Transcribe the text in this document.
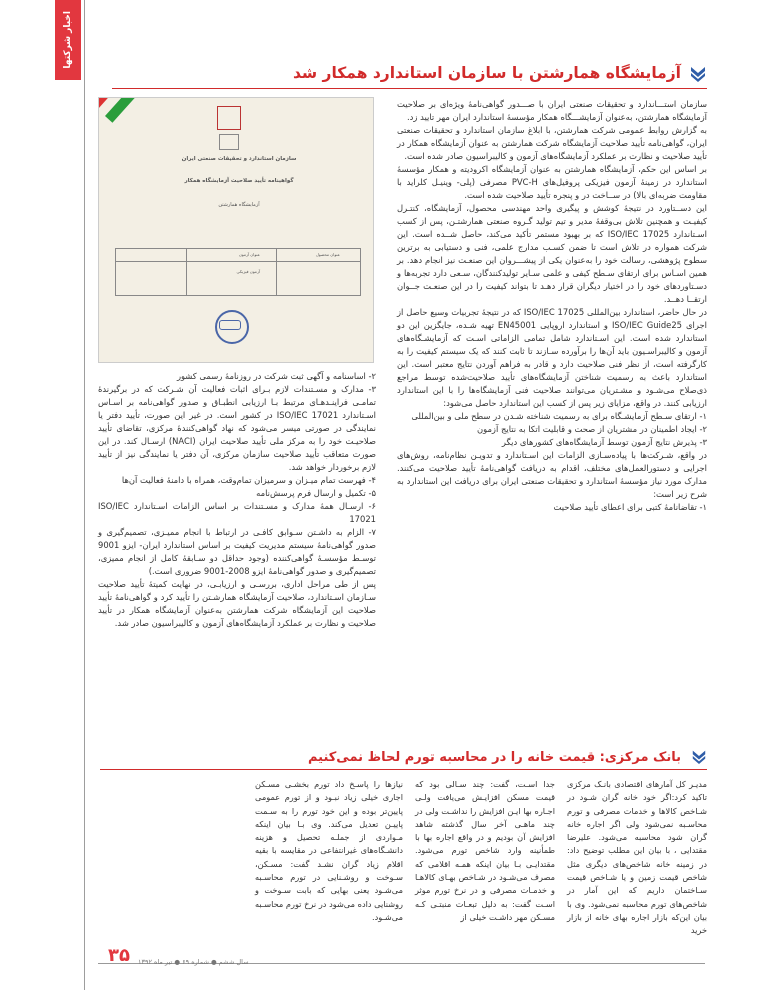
اخبار شرکتها
آزمایشگاه همارشتن با سازمان استاندارد همکار شد
سازمان استاندارد و تحقیقات صنعتی ایران
گواهینامه تأیید صلاحیت آزمایشگاه همکار
آزمایشگاه همارشتن
عنوان محصول
عنوان آزمون
آزمون فیزیکی

سازمان استـــاندارد و تحقیقات صنعتی ایران با صـــدور گواهی‌نامهٔ ویژه‌ای بر صلاحیت آزمایشگاه همارشتن، به‌عنوان آزمایشـــگاه همکار مؤسسهٔ استاندارد ایران مهر تایید زد.

به گزارش روابط عمومی شرکت همارشتن، با ابلاغ سازمان استاندارد و تحقیقات صنعتی ایران، گواهی‌نامه تأیید صلاحیت آزمایشگاه شرکت همارشتن به عنوان آزمایشگاه همکار در تأیید صلاحیت و نظارت بر عملکرد آزمایشگاه‌های آزمون و کالیبراسیون صادر شده است.

بر اساس این حکم، آزمایشگاه همارشتن به عنوان آزمایشگاه اکرودیته و همکار مؤسسهٔ استاندارد در زمینهٔ آزمون فیزیکی پروفیل‌های PVC-H مصرفی (پلی- وینیـل کلراید با مقاومت ضربه‌ای بالا) در ســاخت در و پنجره تأیید صلاحیت شده است.

این دســتاورد در نتیجهٔ کوشش و پیگیری واحد مهندسی محصول، آزمایشگاه، کنتـرل کیفیـت و همچنین تلاش بی‌وقفهٔ مدیر و تیم تولید گـروه صنعتی همارشتـن، پس از کسب اسـتاندارد ISO/IEC 17025 که بر بهبود مستمر تأکید می‌کند، حاصل شــده است. این شرکت همواره در تلاش است تا ضمن کسـب مدارج علمی، فنی و دستیابی به برترین سطوح پژوهشی، رسالت خود را به‌عنوان یکی از پیشـــروان این صنعـت نیز انجام دهد. بر همین اسـاس برای ارتقای سـطح کیفی و علمی سـایر تولیدکنندگان، سـعی دارد تجربه‌ها و دسـتاوردهای خود را در اختیار دیگران قرار دهـد تا بتواند کیفیت را در این صنعـت جــوان ارتقــا دهــد.

در حال حاضر، استاندارد بین‌المللی ISO/IEC 17025 که در نتیجهٔ تجربیات وسیع حاصل از اجرای ISO/IEC Guide25 و استاندارد اروپایی EN45001 تهیه شـده، جایگزین این دو استاندارد شده است. این اسـتاندارد شامل تمامی الزاماتی اسـت که آزمایشـگاه‌های آزمون و کالیبراسـیون باید آن‌ها را برآورده سـازند تا ثابت کنند که یک سیستم کیفیت را به کارگرفته است، از نظر فنی صلاحیت دارد و قادر به فراهم آوردن نتایج معتبر است. این استاندارد باعث به رسمیت شناختن آزمایشگاه‌های تأیید صلاحیت‌شده توسط مراجع ذی‌صلاح می‌شـود و مشـتریان می‌توانند صلاحیت فنی آزمایشگاه‌ها را با این استاندارد ارزیابی کنند. در واقع، مزایای زیر پس از کسب این استاندارد حاصل می‌شود:

۱- ارتقای سـطح آزمایشـگاه برای به رسمیت شناخته شـدن در سطح ملی و بین‌المللی

۲- ایجاد اطمینان در مشتریان از صحت و قابلیت اتکا به نتایج آزمون

۳- پذیرش نتایج آزمون توسط آزمایشگاه‌های کشورهای دیگر

در واقع، شـرکت‌ها با پیاده‌سـازی الزامات این اسـتاندارد و تدویـن نظام‌نامه، روش‌های اجرایی و دستورالعمل‌های مختلف، اقدام به دریافت گواهی‌نامهٔ تأیید صلاحیت می‌کنند. مدارک مورد نیاز مؤسسهٔ استاندارد و تحقیقات صنعتی ایران برای دریافت این استاندارد به شرح زیر است:

۱- تقاضانامهٔ کتبی برای اعطای تأیید صلاحیت

۲- اساسنامه و آگهی ثبت شرکت در روزنامهٔ رسمی کشور

۳- مدارک و مسـتندات لازم بـرای اثبات فعالیت آن شـرکت که در برگیرندهٔ تمامـی فراینـدهـای مرتبط بـا ارزیابی انطبـاق و صدور گواهی‌نامه بر اسـاس اسـتاندارد ISO/IEC 17021 در کشور است. در غیر این صورت، تأیید دفتر یا نمایندگی در صورتی میسر می‌شود که نهاد گواهی‌کنندهٔ مرکزی، تقاضای تأیید صلاحیـت خود را به مرکز ملی تأیید صلاحیت ایران (NACI) ارسـال کند. در این صورت متعاقب تأیید صلاحیت سازمان مرکزی، آن دفتر یا نمایندگی نیز از تأیید لازم برخوردار خواهد شد.

۴- فهرست تمام میـزان و سرمیزان تمام‌وقت، همراه با دامنهٔ فعالیت آن‌ها

۵- تکمیل و ارسال فرم پرسش‌نامه

۶- ارسـال همهٔ مدارک و مسـتندات بر اساس الزامات اسـتاندارد ISO/IEC 17021

۷- الزام به داشـتن سـوابق کافـی در ارتباط با انجام ممیـزی، تصمیم‌گیری و صدور گواهی‌نامهٔ سیستم مدیریت کیفیت بر اساس استاندارد ایران- ایزو 9001 توسـط مؤسسـهٔ گواهی‌کننده (وجود حداقل دو سـابقهٔ کامل از انجام ممیزی، تصمیم‌گیری و صدور گواهی‌نامهٔ ایزو 2008-9001 ضروری است.)

پس از طی مراحل اداری، بررسـی و ارزیابـی، در نهایت کمیتهٔ تأیید صلاحیت سـازمان اسـتاندارد، صلاحیت آزمایشگاه همارشـتن را تأیید کرد و گواهی‌نامهٔ تأیید صلاحیت این آزمایشگاه شرکت همارشتن به‌عنوان آزمایشگاه همکار در تأیید صلاحیت و نظارت بر عملکرد آزمایشگاه‌های آزمون و کالیبراسیون صادر شد.

بانک مرکزی: قیمت خانه را در محاسبه تورم لحاظ نمی‌کنیم

مدیـر کل آمارهای اقتصادی بانـک مرکزی تاکید کرد:اگر خود خانه گران شـود در شـاخص کالاها و خدمات مصرفی و تورم محاسـبه نمی‌شود ولی اگر اجاره خانه گران شود محاسبه می‌شود. علیرضا مقتدایی ، با بیان این مطلب توضیح داد: در زمینه خانه شاخص‌های دیگری مثل شاخص قیمت زمین و یا شـاخص قیمت سـاختمان داریم که این آمار در شاخص‌های تورم محاسبه نمی‌شود. وی با بیان این‌که بازار اجاره بهای خانه از بازار خرید

جدا اسـت، گفت: چند سـالی بود که قیمت مسکن افزایـش می‌یافت ولـی اجـاره بها ایـن افزایش را نداشـت ولی در چند ماهـی آخر سال گذشته شاهد افزایش آن بودیم و در واقع اجاره بها با طمأنینه وارد شاخص تورم می‌شود. مقتدایـی بـا بیان اینکه همـه اقلامی که مصرف می‌شـود در شـاخص بهـای کالاهـا و خدمـات مصرفی و در نرخ تورم موثر اسـت گفت: به دلیل تبعـات منبتـی کـه مسـکن مهر داشـت خیلی از

نیازها را پاسـخ داد تورم بخشـی مسـکن اجاری خیلی زیاد نبـود و از تورم عمومی پایین‌تر بوده و این خود تورم را به سـمت پاییـن تعدیل می‌کند. وی بـا بیان اینکه مـواردی از جملـه تحصیل و هزینه دانشـگاه‌های غیرانتفاعی در مقایسه با بقیه اقلام زیاد گران نشـد گفت: مسـکن، سـوخت و روشـنایی در تورم محاسـبه می‌شـود یعنی بهایی که بابت سـوخت و روشنایی داده می‌شود در نرخ تورم محاسـبه می‌شـود.

۳۵ سال ششم ● شماره ۶۹ ● تیر ماه ۱۳۹۲
